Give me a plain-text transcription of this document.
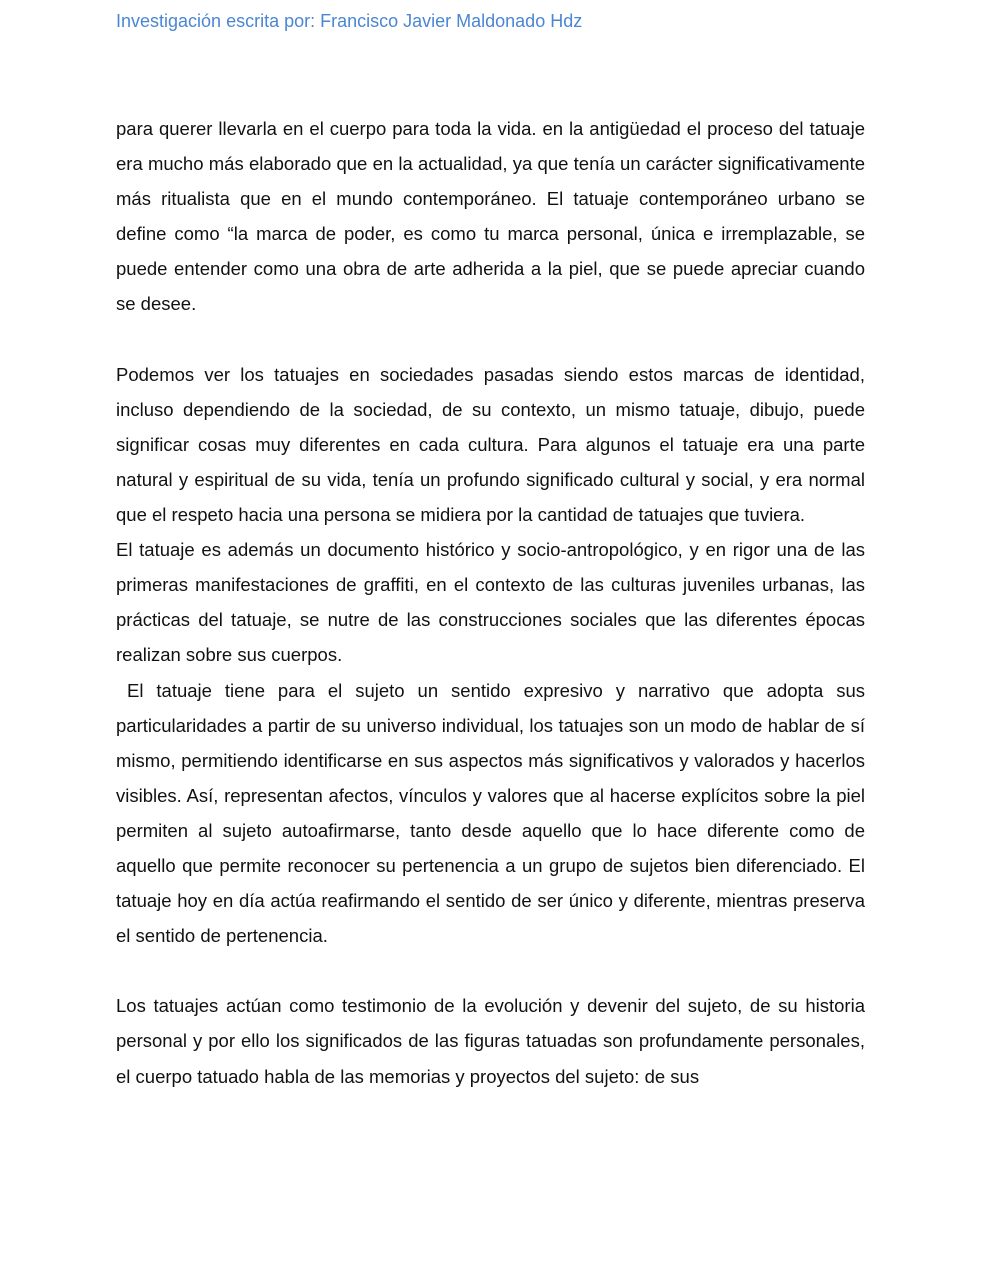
Investigación escrita por: Francisco Javier Maldonado Hdz

para querer llevarla en el cuerpo para toda la vida. en la antigüedad el proceso del tatuaje era mucho más elaborado que en la actualidad, ya que tenía un carácter significativamente más ritualista que en el mundo contemporáneo. El tatuaje contemporáneo urbano se define como “la marca de poder, es como tu marca personal, única e irremplazable, se puede entender como una obra de arte adherida a la piel, que se puede apreciar cuando se desee.

Podemos ver los tatuajes en sociedades pasadas siendo estos marcas de identidad, incluso dependiendo de la sociedad, de su contexto, un mismo tatuaje, dibujo, puede significar cosas muy diferentes en cada cultura. Para algunos el tatuaje era una parte natural y espiritual de su vida, tenía un profundo significado cultural y social, y era normal que el respeto hacia una persona se midiera por la cantidad de tatuajes que tuviera.

El tatuaje es además un documento histórico y socio-antropológico, y en rigor una de las primeras manifestaciones de graffiti, en el contexto de las culturas juveniles urbanas, las prácticas del tatuaje, se nutre de las construcciones sociales que las diferentes épocas realizan sobre sus cuerpos.

El tatuaje tiene para el sujeto un sentido expresivo y narrativo que adopta sus particularidades a partir de su universo individual, los tatuajes son un modo de hablar de sí mismo, permitiendo identificarse en sus aspectos más significativos y valorados y hacerlos visibles. Así, representan afectos, vínculos y valores que al hacerse explícitos sobre la piel permiten al sujeto autoafirmarse, tanto desde aquello que lo hace diferente como de aquello que permite reconocer su pertenencia a un grupo de sujetos bien diferenciado. El tatuaje hoy en día actúa reafirmando el sentido de ser único y diferente, mientras preserva el sentido de pertenencia.

Los tatuajes actúan como testimonio de la evolución y devenir del sujeto, de su historia personal y por ello los significados de las figuras tatuadas son profundamente personales, el cuerpo tatuado habla de las memorias y proyectos del sujeto: de sus
